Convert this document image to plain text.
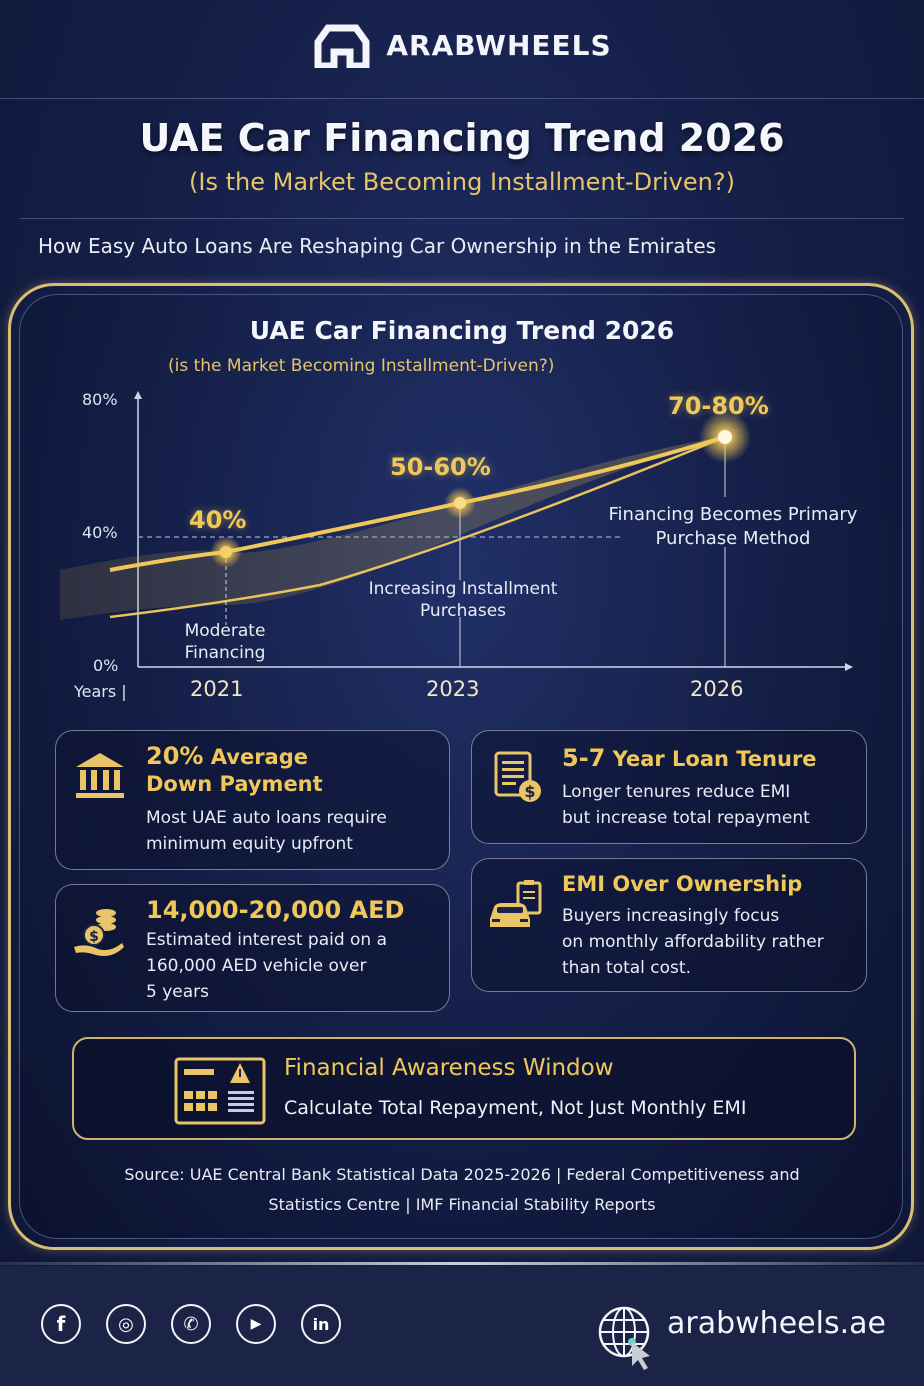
ARABWHEELS
UAE Car Financing Trend 2026
(Is the Market Becoming Installment-Driven?)
How Easy Auto Loans Are Reshaping Car Ownership in the Emirates
UAE Car Financing Trend 2026
(is the Market Becoming Installment-Driven?)
80%
40%
0%
Years |	2021	2023	2026
40%
50-60%
70-80%
Moderate Financing
Increasing Installment Purchases
Financing Becomes Primary Purchase Method
20% Average
Down Payment
Most UAE auto loans require
minimum equity upfront
$
5-7 Year Loan Tenure
Longer tenures reduce EMI
but increase total repayment
$
14,000-20,000 AED
Estimated interest paid on a
160,000 AED vehicle over
5 years
EMI Over Ownership
Buyers increasingly focus
on monthly affordability rather
than total cost.
Financial Awareness Window
Calculate Total Repayment, Not Just Monthly EMI
Source: UAE Central Bank Statistical Data 2025-2026 | Federal Competitiveness and
Statistics Centre | IMF Financial Stability Reports
f	◎	✆	▶	in	arabwheels.ae
